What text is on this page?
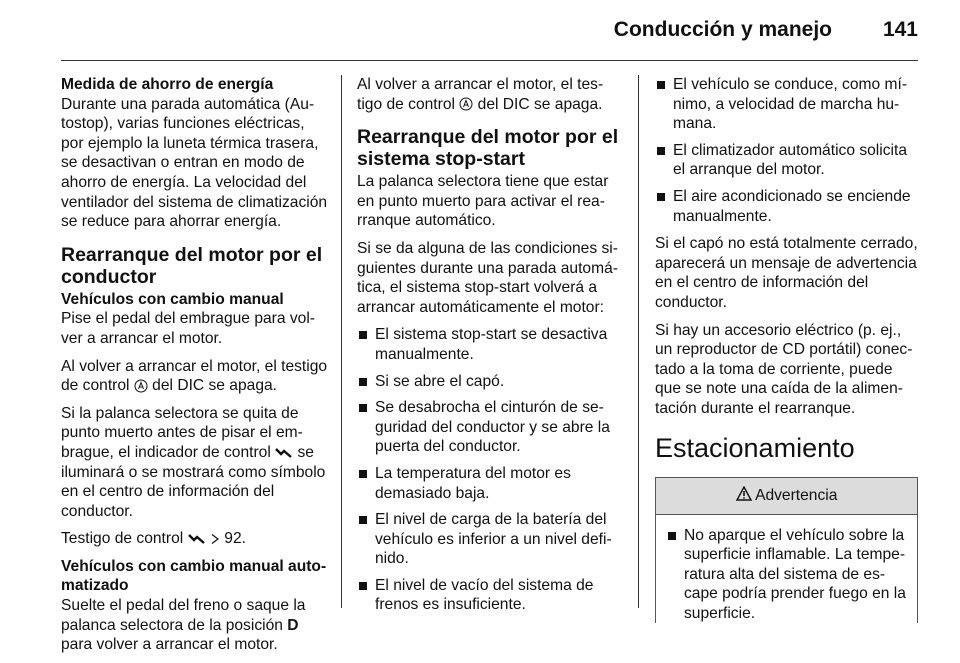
Conducción y manejo 141

Medida de ahorro de energía

Durante una parada automática (Autostop), varias funciones eléctricas, por ejemplo la luneta térmica trasera, se desactivan o entran en modo de ahorro de energía. La velocidad del ventilador del sistema de climatización se reduce para ahorrar energía.

Rearranque del motor por el conductor

Vehículos con cambio manual

Pise el pedal del embrague para volver a arrancar el motor.

Al volver a arrancar el motor, el testigo de control del DIC se apaga.

Si la palanca selectora se quita de punto muerto antes de pisar el embrague, el indicador de control se iluminará o se mostrará como símbolo en el centro de información del conductor.

Testigo de control	92.

Vehículos con cambio manual automatizado

Suelte el pedal del freno o saque la palanca selectora de la posición D para volver a arrancar el motor.

Al volver a arrancar el motor, el testigo de control del DIC se apaga.

Rearranque del motor por el sistema stop-start

La palanca selectora tiene que estar en punto muerto para activar el rearranque automático.

Si se da alguna de las condiciones siguientes durante una parada automática, el sistema stop-start volverá a arrancar automáticamente el motor:

El sistema stop-start se desactiva manualmente.
Si se abre el capó.
Se desabrocha el cinturón de seguridad del conductor y se abre la puerta del conductor.
La temperatura del motor es demasiado baja.
El nivel de carga de la batería del vehículo es inferior a un nivel definido.
El nivel de vacío del sistema de frenos es insuficiente.
El vehículo se conduce, como mínimo, a velocidad de marcha humana.
El climatizador automático solicita el arranque del motor.
El aire acondicionado se enciende manualmente.

Si el capó no está totalmente cerrado, aparecerá un mensaje de advertencia en el centro de información del conductor.

Si hay un accesorio eléctrico (p. ej., un reproductor de CD portátil) conectado a la toma de corriente, puede que se note una caída de la alimentación durante el rearranque.

Estacionamiento
Advertencia
No aparque el vehículo sobre la superficie inflamable. La temperatura alta del sistema de escape podría prender fuego en la superficie.
